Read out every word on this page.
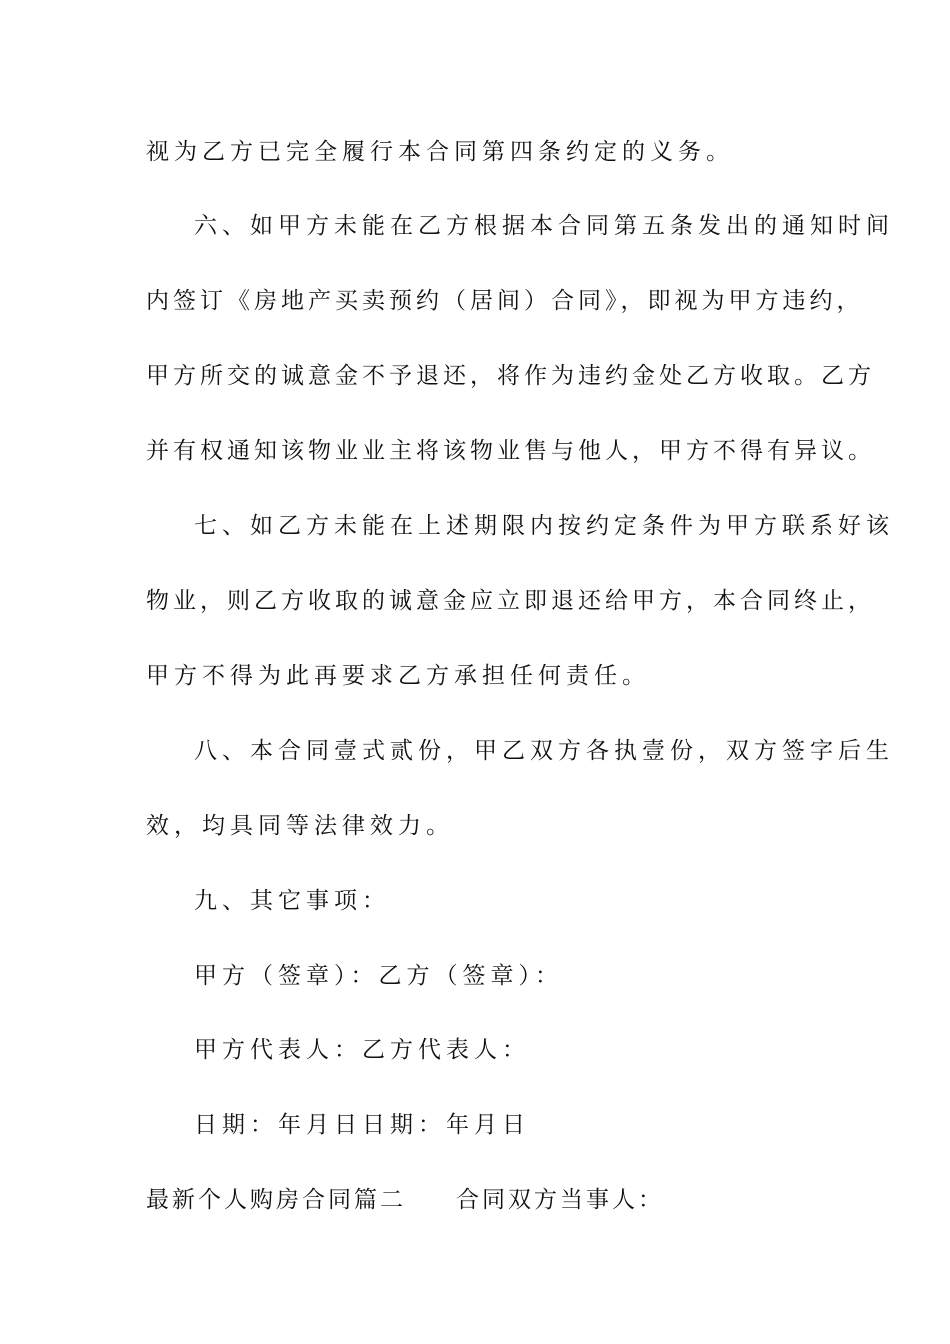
视为乙方已完全履行本合同第四条约定的义务。
六、如甲方未能在乙方根据本合同第五条发出的通知时间
内签订《房地产买卖预约（居间）合同》，即视为甲方违约，
甲方所交的诚意金不予退还，将作为违约金处乙方收取。乙方
并有权通知该物业业主将该物业售与他人，甲方不得有异议。
七、如乙方未能在上述期限内按约定条件为甲方联系好该
物业，则乙方收取的诚意金应立即退还给甲方，本合同终止，
甲方不得为此再要求乙方承担任何责任。
八、本合同壹式贰份，甲乙双方各执壹份，双方签字后生
效，均具同等法律效力。
九、其它事项：
甲方（签章）：乙方（签章）：
甲方代表人：乙方代表人：
日期：年月日日期：年月日
最新个人购房合同篇二 合同双方当事人：
